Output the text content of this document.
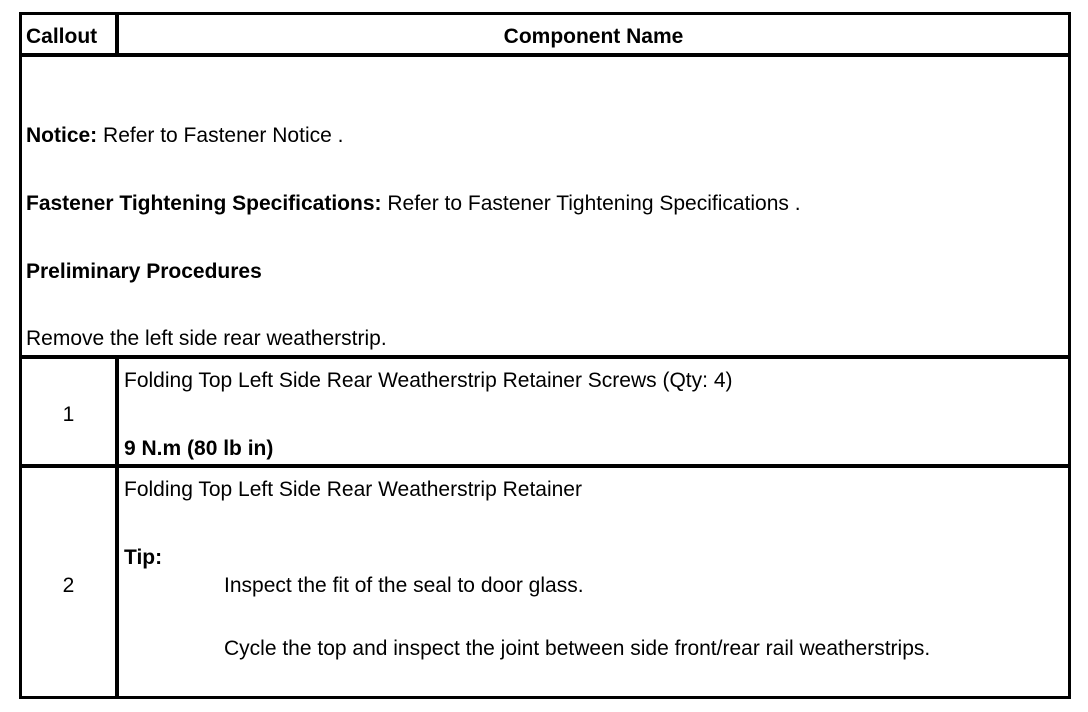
Callout	Component Name
Notice: Refer to Fastener Notice .
Fastener Tightening Specifications: Refer to Fastener Tightening Specifications .
Preliminary Procedures
Remove the left side rear weatherstrip.
1
Folding Top Left Side Rear Weatherstrip Retainer Screws (Qty: 4)
9 N.m (80 lb in)
2
Folding Top Left Side Rear Weatherstrip Retainer
Tip:
Inspect the fit of the seal to door glass.
Cycle the top and inspect the joint between side front/rear rail weatherstrips.
